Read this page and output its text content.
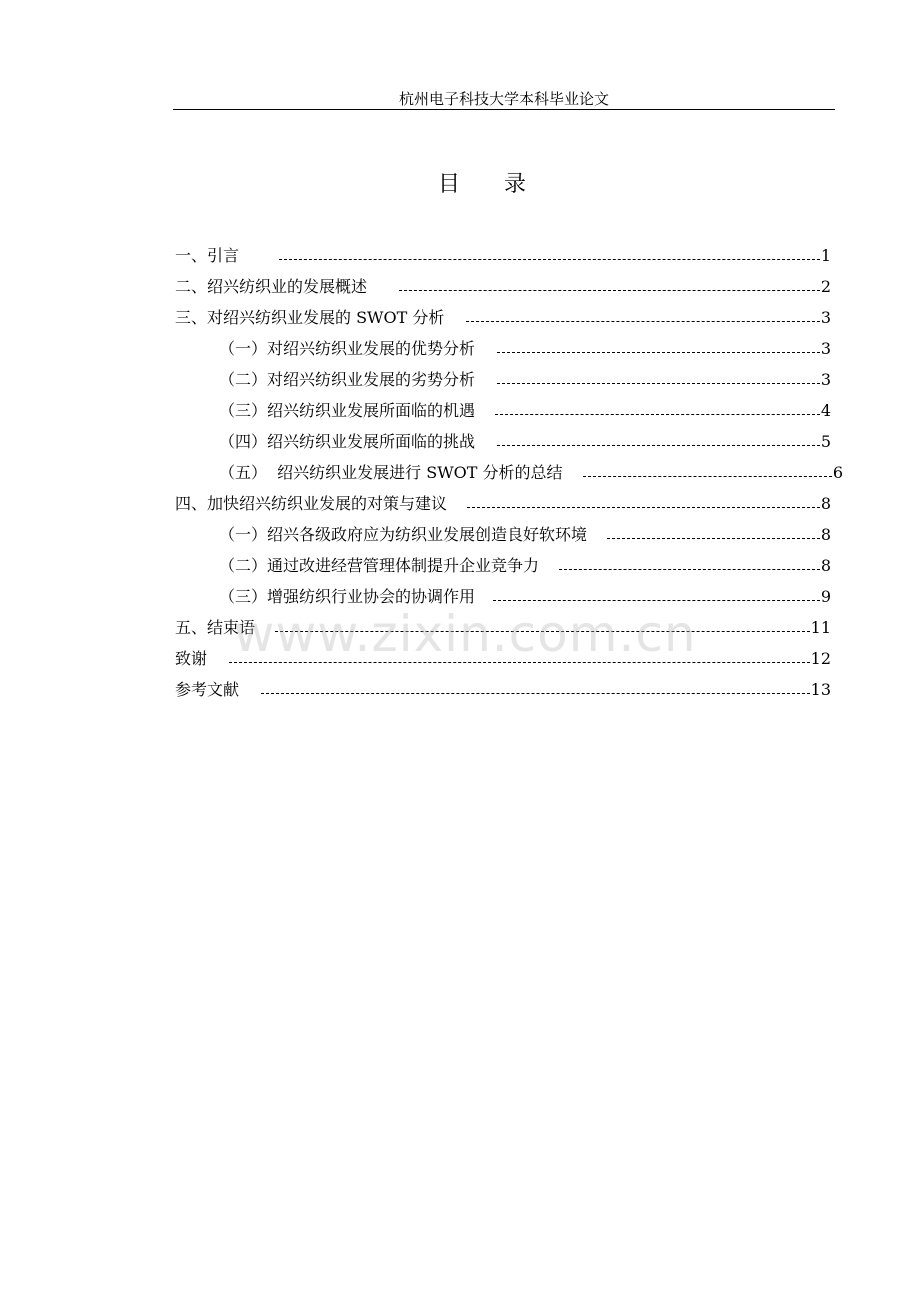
杭州电子科技大学本科毕业论文
目录
一、引言	1
二、绍兴纺织业的发展概述	2
三、对绍兴纺织业发展的 SWOT 分析	3
（一）对绍兴纺织业发展的优势分析	3
（二）对绍兴纺织业发展的劣势分析	3
（三）绍兴纺织业发展所面临的机遇	4
（四）绍兴纺织业发展所面临的挑战	5
（五）  绍兴纺织业发展进行 SWOT 分析的总结	6
四、加快绍兴纺织业发展的对策与建议	8
（一）绍兴各级政府应为纺织业发展创造良好软环境	8
（二）通过改进经营管理体制提升企业竞争力	8
（三）增强纺织行业协会的协调作用	9
五、结束语	11
致谢	12
参考文献	13
www.zixin.com.cn
